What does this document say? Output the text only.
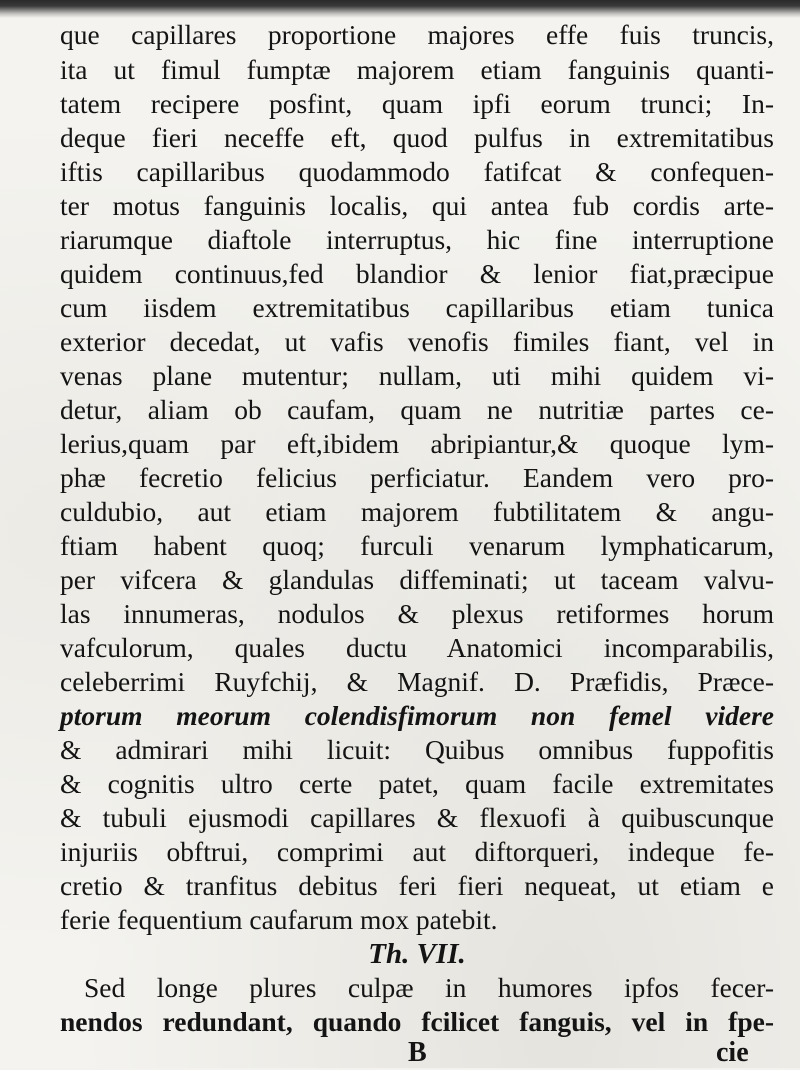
que capillares proportione majores effe fuis truncis,
ita ut fimul fumptæ majorem etiam fanguinis quanti-
tatem recipere posfint, quam ipfi eorum trunci; In-
deque fieri neceffe eft, quod pulfus in extremitatibus
iftis capillaribus quodammodo fatifcat & confequen-
ter motus fanguinis localis, qui antea fub cordis arte-
riarumque diaftole interruptus, hic fine interruptione
quidem continuus,fed blandior & lenior fiat,præcipue
cum iisdem extremitatibus capillaribus etiam tunica
exterior decedat, ut vafis venofis fimiles fiant, vel in
venas plane mutentur; nullam, uti mihi quidem vi-
detur, aliam ob caufam, quam ne nutritiæ partes ce-
lerius,quam par eft,ibidem abripiantur,& quoque lym-
phæ fecretio felicius perficiatur. Eandem vero pro-
culdubio, aut etiam majorem fubtilitatem & angu-
ftiam habent quoq; furculi venarum lymphaticarum,
per vifcera & glandulas diffeminati; ut taceam valvu-
las innumeras, nodulos & plexus retiformes horum
vafculorum, quales ductu Anatomici incomparabilis,
celeberrimi Ruyfchij, & Magnif. D. Præfidis, Præce-
ptorum meorum colendisfimorum non femel videre
& admirari mihi licuit: Quibus omnibus fuppofitis
& cognitis ultro certe patet, quam facile extremitates
& tubuli ejusmodi capillares & flexuofi à quibuscunque
injuriis obftrui, comprimi aut diftorqueri, indeque fe-
cretio & tranfitus debitus feri fieri nequeat, ut etiam e
ferie fequentium caufarum mox patebit.
Th. VII.
Sed longe plures culpæ in humores ipfos fecer-
nendos redundant, quando fcilicet fanguis, vel in fpe-
B	cie
